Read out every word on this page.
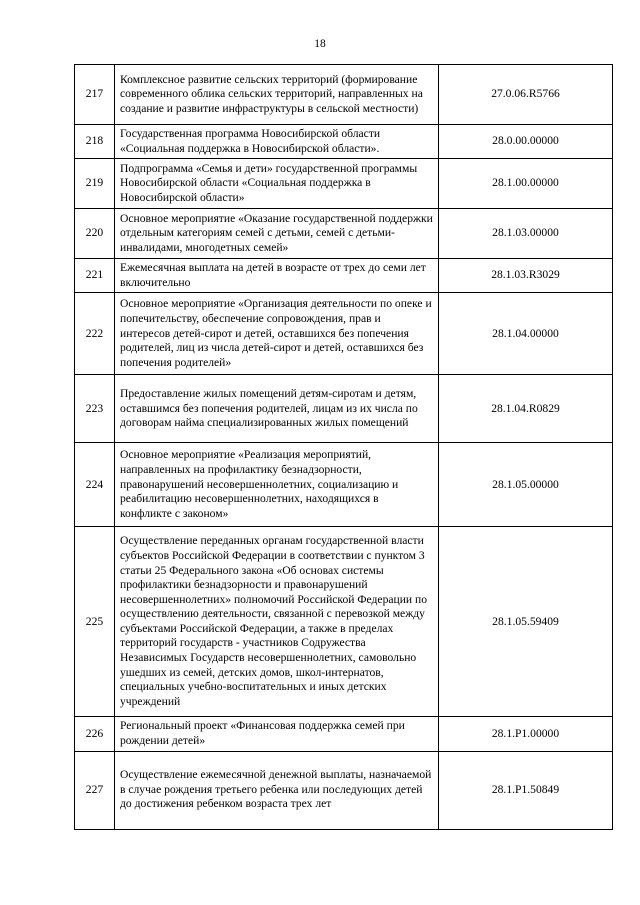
18
217	Комплексное развитие сельских территорий (формирование современного облика сельских территорий, направленных на создание и развитие инфраструктуры в сельской местности)	27.0.06.R5766
218	Государственная программа Новосибирской области «Социальная поддержка в Новосибирской области».	28.0.00.00000
219	Подпрограмма «Семья и дети» государственной программы Новосибирской области «Социальная поддержка в Новосибирской области»	28.1.00.00000
220	Основное мероприятие «Оказание государственной поддержки отдельным категориям семей с детьми, семей с детьми-инвалидами, многодетных семей»	28.1.03.00000
221	Ежемесячная выплата на детей в возрасте от трех до семи лет включительно	28.1.03.R3029
222	Основное мероприятие «Организация деятельности по опеке и попечительству, обеспечение сопровождения, прав и интересов детей-сирот и детей, оставшихся без попечения родителей, лиц из числа детей-сирот и детей, оставшихся без попечения родителей»	28.1.04.00000
223	Предоставление жилых помещений детям-сиротам и детям, оставшимся без попечения родителей, лицам из их числа по договорам найма специализированных жилых помещений	28.1.04.R0829
224	Основное мероприятие «Реализация мероприятий, направленных на профилактику безнадзорности, правонарушений несовершеннолетних, социализацию и реабилитацию несовершеннолетних, находящихся в конфликте с законом»	28.1.05.00000
225	Осуществление переданных органам государственной власти субъектов Российской Федерации в соответствии с пунктом 3 статьи 25 Федерального закона «Об основах системы профилактики безнадзорности и правонарушений несовершеннолетних» полномочий Российской Федерации по осуществлению деятельности, связанной с перевозкой между субъектами Российской Федерации, а также в пределах территорий государств - участников Содружества Независимых Государств несовершеннолетних, самовольно ушедших из семей, детских домов, школ-интернатов, специальных учебно-воспитательных и иных детских учреждений	28.1.05.59409
226	Региональный проект «Финансовая поддержка семей при рождении детей»	28.1.P1.00000
227	Осуществление ежемесячной денежной выплаты, назначаемой в случае рождения третьего ребенка или последующих детей до достижения ребенком возраста трех лет	28.1.P1.50849
